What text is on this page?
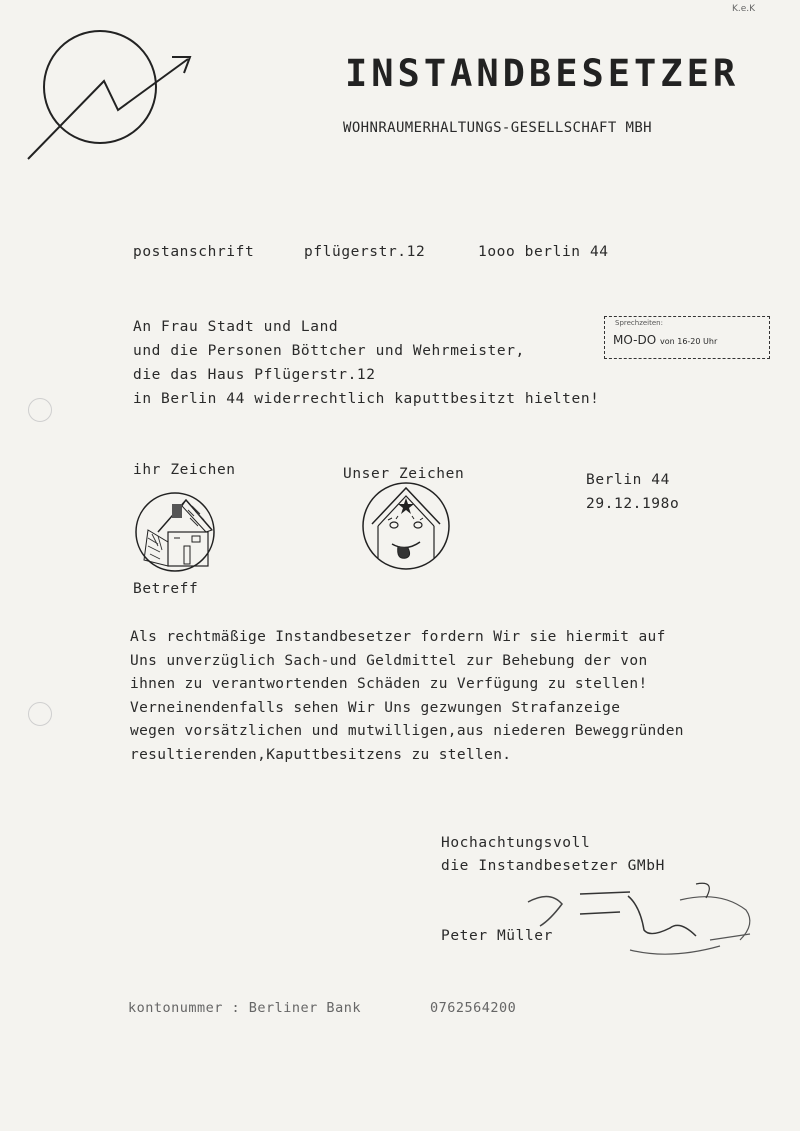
K.e.K
INSTANDBESETZER
WOHNRAUMERHALTUNGS-GESELLSCHAFT MBH
postanschrift	pflügerstr.12	1ooo berlin 44
An Frau Stadt und Land
und die Personen Böttcher und Wehrmeister,
die das Haus Pflügerstr.12
in Berlin 44 widerrechtlich kaputtbesitzt hielten!
Sprechzeiten:
MO-DO von 16-20 Uhr
ihr Zeichen	Unser Zeichen	Berlin 44
29.12.198o
Betreff
Als rechtmäßige Instandbesetzer fordern Wir sie hiermit auf
Uns unverzüglich Sach-und Geldmittel zur Behebung der von
ihnen zu verantwortenden Schäden zu Verfügung zu stellen!
Verneinendenfalls sehen Wir Uns gezwungen Strafanzeige
wegen vorsätzlichen und mutwilligen,aus niederen Beweggründen
resultierenden,Kaputtbesitzens zu stellen.
Hochachtungsvoll
die Instandbesetzer GMbH
Peter Müller
kontonummer : Berliner Bank	0762564200
